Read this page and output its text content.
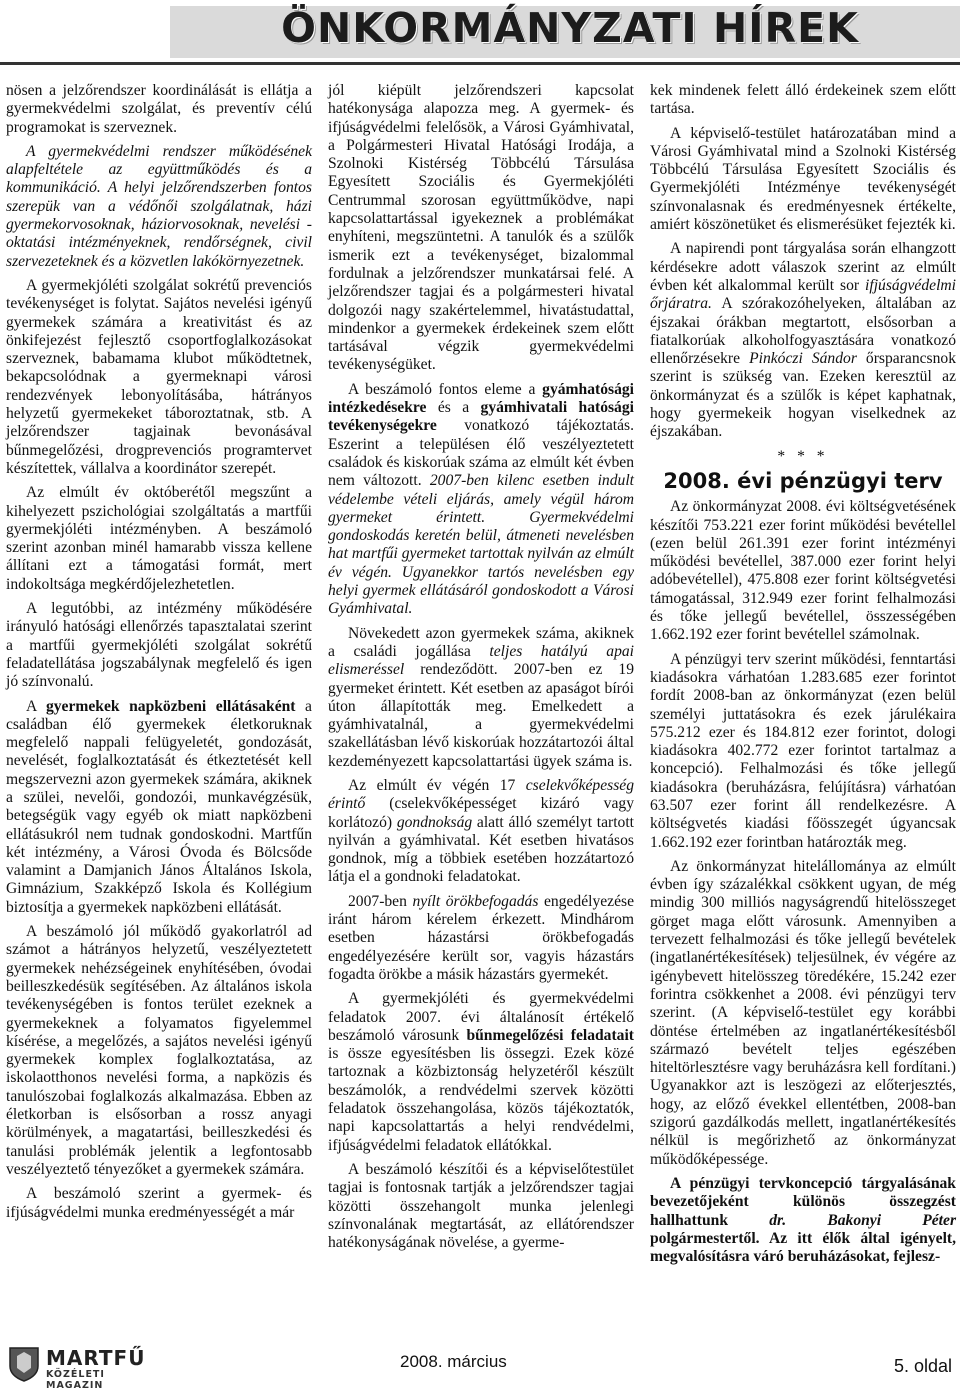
ÖNKORMÁNYZATI HÍREK

nösen a jelzőrendszer koordinálását is ellátja a gyermekvédelmi szolgálat, és preventív célú programokat is szerveznek.

A gyermekvédelmi rendszer működésének alapfeltétele az együttműködés és a kommunikáció. A helyi jelzőrendszerben fontos szerepük van a védőnői szolgálatnak, házi gyermekorvosoknak, háziorvosoknak, nevelési - oktatási intézményeknek, rendőrségnek, civil szervezeteknek és a közvetlen lakókörnyezetnek.

A gyermekjóléti szolgálat sokrétű prevenciós tevékenységet is folytat. Sajátos nevelési igényű gyermekek számára a kreativitást és az önkifejezést fejlesztő csoportfoglalkozásokat szerveznek, babamama klubot működtetnek, bekapcsolódnak a gyermeknapi városi rendezvények lebonyolításába, hátrányos helyzetű gyermekeket táboroztatnak, stb. A jelzőrendszer tagjainak bevonásával bűnmegelőzési, drogprevenciós programtervet készítettek, vállalva a koordinátor szerepét.

Az elmúlt év októberétől megszűnt a kihelyezett pszichológiai szolgáltatás a martfűi gyermekjóléti intézményben. A beszámoló szerint azonban minél hamarabb vissza kellene állítani ezt a támogatási formát, mert indokoltsága megkérdőjelezhetetlen.

A legutóbbi, az intézmény működésére irányuló hatósági ellenőrzés tapasztalatai szerint a martfűi gyermekjóléti szolgálat sokrétű feladatellátása jogszabálynak megfelelő és igen jó színvonalú.

A gyermekek napközbeni ellátásaként a családban élő gyermekek életkoruknak megfelelő nappali felügyeletét, gondozását, nevelését, foglalkoztatását és étkeztetését kell megszervezni azon gyermekek számára, akiknek a szülei, nevelői, gondozói, munkavégzésük, betegségük vagy egyéb ok miatt napközbeni ellátásukról nem tudnak gondoskodni. Martfűn két intézmény, a Városi Óvoda és Bölcsőde valamint a Damjanich János Általános Iskola, Gimnázium, Szakképző Iskola és Kollégium biztosítja a gyermekek napközbeni ellátását.

A beszámoló jól működő gyakorlatról ad számot a hátrányos helyzetű, veszélyeztetett gyermekek nehézségeinek enyhítésében, óvodai beilleszkedésük segítésében. Az általános iskola tevékenységében is fontos terület ezeknek a gyermekeknek a folyamatos figyelemmel kísérése, a megelőzés, a sajátos nevelési igényű gyermekek komplex foglalkoztatása, az iskolaotthonos nevelési forma, a napközis és tanulószobai foglalkozás alkalmazása. Ebben az életkorban is elsősorban a rossz anyagi körülmények, a magatartási, beilleszkedési és tanulási problémák jelentik a legfontosabb veszélyeztető tényezőket a gyermekek számára.

A beszámoló szerint a gyermek- és ifjúságvédelmi munka eredményességét a már

jól kiépült jelzőrendszeri kapcsolat hatékonysága alapozza meg. A gyermek- és ifjúságvédelmi felelősök, a Városi Gyámhivatal, a Polgármesteri Hivatal Hatósági Irodája, a Szolnoki Kistérség Többcélú Társulása Egyesített Szociális és Gyermekjóléti Centrummal szorosan együttműködve, napi kapcsolattartással igyekeznek a problémákat enyhíteni, megszüntetni. A tanulók és a szülők ismerik ezt a tevékenységet, bizalommal fordulnak a jelzőrendszer munkatársai felé. A jelzőrendszer tagjai és a polgármesteri hivatal dolgozói nagy szakértelemmel, hivatástudattal, mindenkor a gyermekek érdekeinek szem előtt tartásával végzik gyermekvédelmi tevékenységüket.

A beszámoló fontos eleme a gyámhatósági intézkedésekre és a gyámhivatali hatósági tevékenységekre vonatkozó tájékoztatás. Eszerint a településen élő veszélyeztetett családok és kiskorúak száma az elmúlt két évben nem változott. 2007-ben kilenc esetben indult védelembe vételi eljárás, amely végül három gyermeket érintett. Gyermekvédelmi gondoskodás keretén belül, átmeneti nevelésben hat martfűi gyermeket tartottak nyilván az elmúlt év végén. Ugyanekkor tartós nevelésben egy helyi gyermek ellátásáról gondoskodott a Városi Gyámhivatal.

Növekedett azon gyermekek száma, akiknek a családi jogállása teljes hatályú apai elismeréssel rendeződött. 2007-ben ez 19 gyermeket érintett. Két esetben az apaságot bírói úton állapították meg. Emelkedett a gyámhivatalnál, a gyermekvédelmi szakellátásban lévő kiskorúak hozzátartozói által kezdeményezett kapcsolattartási ügyek száma is.

Az elmúlt év végén 17 cselekvőképesség érintő (cselekvőképességet kizáró vagy korlátozó) gondnokság alatt álló személyt tartott nyilván a gyámhivatal. Két esetben hivatásos gondnok, míg a többiek esetében hozzátartozó látja el a gondnoki feladatokat.

2007-ben nyílt örökbefogadás engedélyezése iránt három kérelem érkezett. Mindhárom esetben házastársi örökbefogadás engedélyezésére került sor, vagyis házastárs fogadta örökbe a másik házastárs gyermekét.

A gyermekjóléti és gyermekvédelmi feladatok 2007. évi általánosít értékelő beszámoló városunk bűnmegelőzési feladatait is össze egyesítésben lis össegzi. Ezek közé tartoznak a közbiztonság helyzetéről készült beszámolók, a rendvédelmi szervek közötti feladatok összehangolása, közös tájékoztatók, napi kapcsolattartás a helyi rendvédelmi, ifjúságvédelmi feladatok ellátókkal.

A beszámoló készítői és a képviselőtestület tagjai is fontosnak tartják a jelzőrendszer tagjai közötti összehangolt munka jelenlegi színvonalának megtartását, az ellátórendszer hatékonyságának növelése, a gyerme-

kek mindenek felett álló érdekeinek szem előtt tartása.

A képviselő-testület határozatában mind a Városi Gyámhivatal mind a Szolnoki Kistérség Többcélú Társulása Egyesített Szociális és Gyermekjóléti Intézménye tevékenységét színvonalasnak és eredményesnek értékelte, amiért köszönetüket és elismerésüket fejezték ki.

A napirendi pont tárgyalása során elhangzott kérdésekre adott válaszok szerint az elmúlt évben két alkalommal került sor ifjúságvédelmi őrjáratra. A szórakozóhelyeken, általában az éjszakai órákban megtartott, elsősorban a fiatalkorúak alkoholfogyasztására vonatkozó ellenőrzésekre Pinkóczi Sándor őrsparancsnok szerint is szükség van. Ezeken keresztül az önkormányzat és a szülők is képet kaphatnak, hogy gyermekeik hogyan viselkednek az éjszakában.

* * *
2008. évi pénzügyi terv

Az önkormányzat 2008. évi költségvetésének készítői 753.221 ezer forint működési bevétellel (ezen belül 261.391 ezer forint intézményi működési bevétellel, 387.000 ezer forint helyi adóbevétellel), 475.808 ezer forint költségvetési támogatással, 312.949 ezer forint felhalmozási és tőke jellegű bevétellel, összességében 1.662.192 ezer forint bevétellel számolnak.

A pénzügyi terv szerint működési, fenntartási kiadásokra várhatóan 1.283.685 ezer forintot fordít 2008-ban az önkormányzat (ezen belül személyi juttatásokra és ezek járulékaira 575.212 ezer és 184.812 ezer forintot, dologi kiadásokra 402.772 ezer forintot tartalmaz a koncepció). Felhalmozási és tőke jellegű kiadásokra (beruházásra, felújításra) várhatóan 63.507 ezer forint áll rendelkezésre. A költségvetés kiadási főösszegét úgyancsak 1.662.192 ezer forintban határozták meg.

Az önkormányzat hitelállománya az elmúlt évben így százalékkal csökkent ugyan, de még mindig 300 milliós nagyságrendű hitelösszeget görget maga előtt városunk. Amennyiben a tervezett felhalmozási és tőke jellegű bevételek (ingatlanértékesítések) teljesülnek, év végére az igénybevett hitelösszeg töredékére, 15.242 ezer forintra csökkenhet a 2008. évi pénzügyi terv szerint. (A képviselő-testület egy korábbi döntése értelmében az ingatlanértékesítésből származó bevételt teljes egészében hiteltörlesztésre vagy beruházásra kell fordítani.) Ugyanakkor azt is leszögezi az előterjesztés, hogy, az előző évekkel ellentétben, 2008-ban szigorú gazdálkodás mellett, ingatlanértékesítés nélkül is megőrizhető az önkormányzat működőképessége.

A pénzügyi tervkoncepció tárgyalásának bevezetőjeként különös összegzést hallhattunk dr. Bakonyi Péter polgármestertől. Az itt élők által igényelt, megvalósításra váró beruházásokat, fejlesz-

MARTFŰ
KÖZÉLETI MAGAZIN
2008. március	5. oldal
